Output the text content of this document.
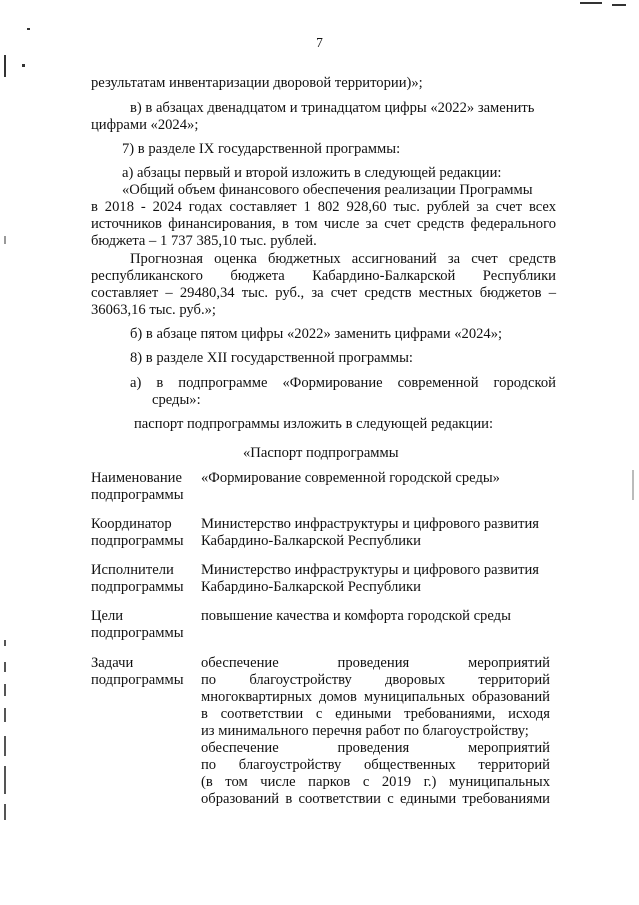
7
результатам инвентаризации дворовой территории)»;
в) в абзацах двенадцатом и тринадцатом цифры «2022» заменить
цифрами «2024»;
7) в разделе IX государственной программы:
а) абзацы первый и второй изложить в следующей редакции:
«Общий объем финансового обеспечения реализации Программы
в 2018 - 2024 годах составляет 1 802 928,60 тыс. рублей за счет всех
источников финансирования, в том числе за счет средств федерального
бюджета – 1 737 385,10 тыс. рублей.
Прогнозная оценка бюджетных ассигнований за счет средств
республиканского бюджета Кабардино-Балкарской Республики
составляет – 29480,34 тыс. руб., за счет средств местных бюджетов –
36063,16 тыс. руб.»;
б) в абзаце пятом цифры «2022» заменить цифрами «2024»;
8) в разделе XII государственной программы:
а) в подпрограмме «Формирование современной городской
среды»:
паспорт подпрограммы изложить в следующей редакции:
«Паспорт подпрограммы
Наименование
подпрограммы
«Формирование современной городской среды»
Координатор
подпрограммы
Министерство инфраструктуры и цифрового развития
Кабардино-Балкарской Республики
Исполнители
подпрограммы
Министерство инфраструктуры и цифрового развития
Кабардино-Балкарской Республики
Цели
подпрограммы
повышение качества и комфорта городской среды
Задачи
подпрограммы
обеспечение проведения мероприятий
по благоустройству дворовых территорий
многоквартирных домов муниципальных образований
в соответствии с едиными требованиями, исходя
из минимального перечня работ по благоустройству;
обеспечение проведения мероприятий
по благоустройству общественных территорий
(в том числе парков с 2019 г.) муниципальных
образований в соответствии с едиными требованиями
